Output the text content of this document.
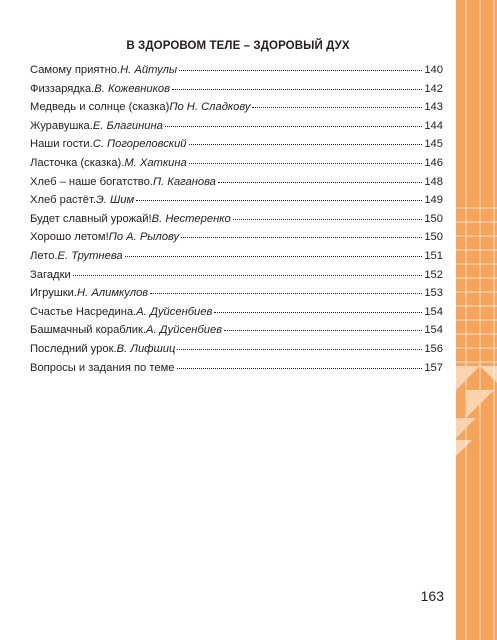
В ЗДОРОВОМ ТЕЛЕ – ЗДОРОВЫЙ ДУХ
Самому приятно. Н. Айтулы	140
Физзарядка. В. Кожевников	142
Медведь и солнце (сказка) По Н. Сладкову	143
Журавушка. Е. Благинина	144
Наши гости. С. Погореловский	145
Ласточка (сказка). М. Хаткина	146
Хлеб – наше богатство. П. Каганова	148
Хлеб растёт. Э. Шим	149
Будет славный урожай! В. Нестеренко	150
Хорошо летом! По А. Рылову	150
Лето. Е. Трутнева	151
Загадки	152
Игрушки. Н. Алимкулов	153
Счастье Насредина. А. Дуйсенбиев	154
Башмачный кораблик. А. Дуйсенбиев	154
Последний урок. В. Лифшиц	156
Вопросы и задания по теме	157
163
